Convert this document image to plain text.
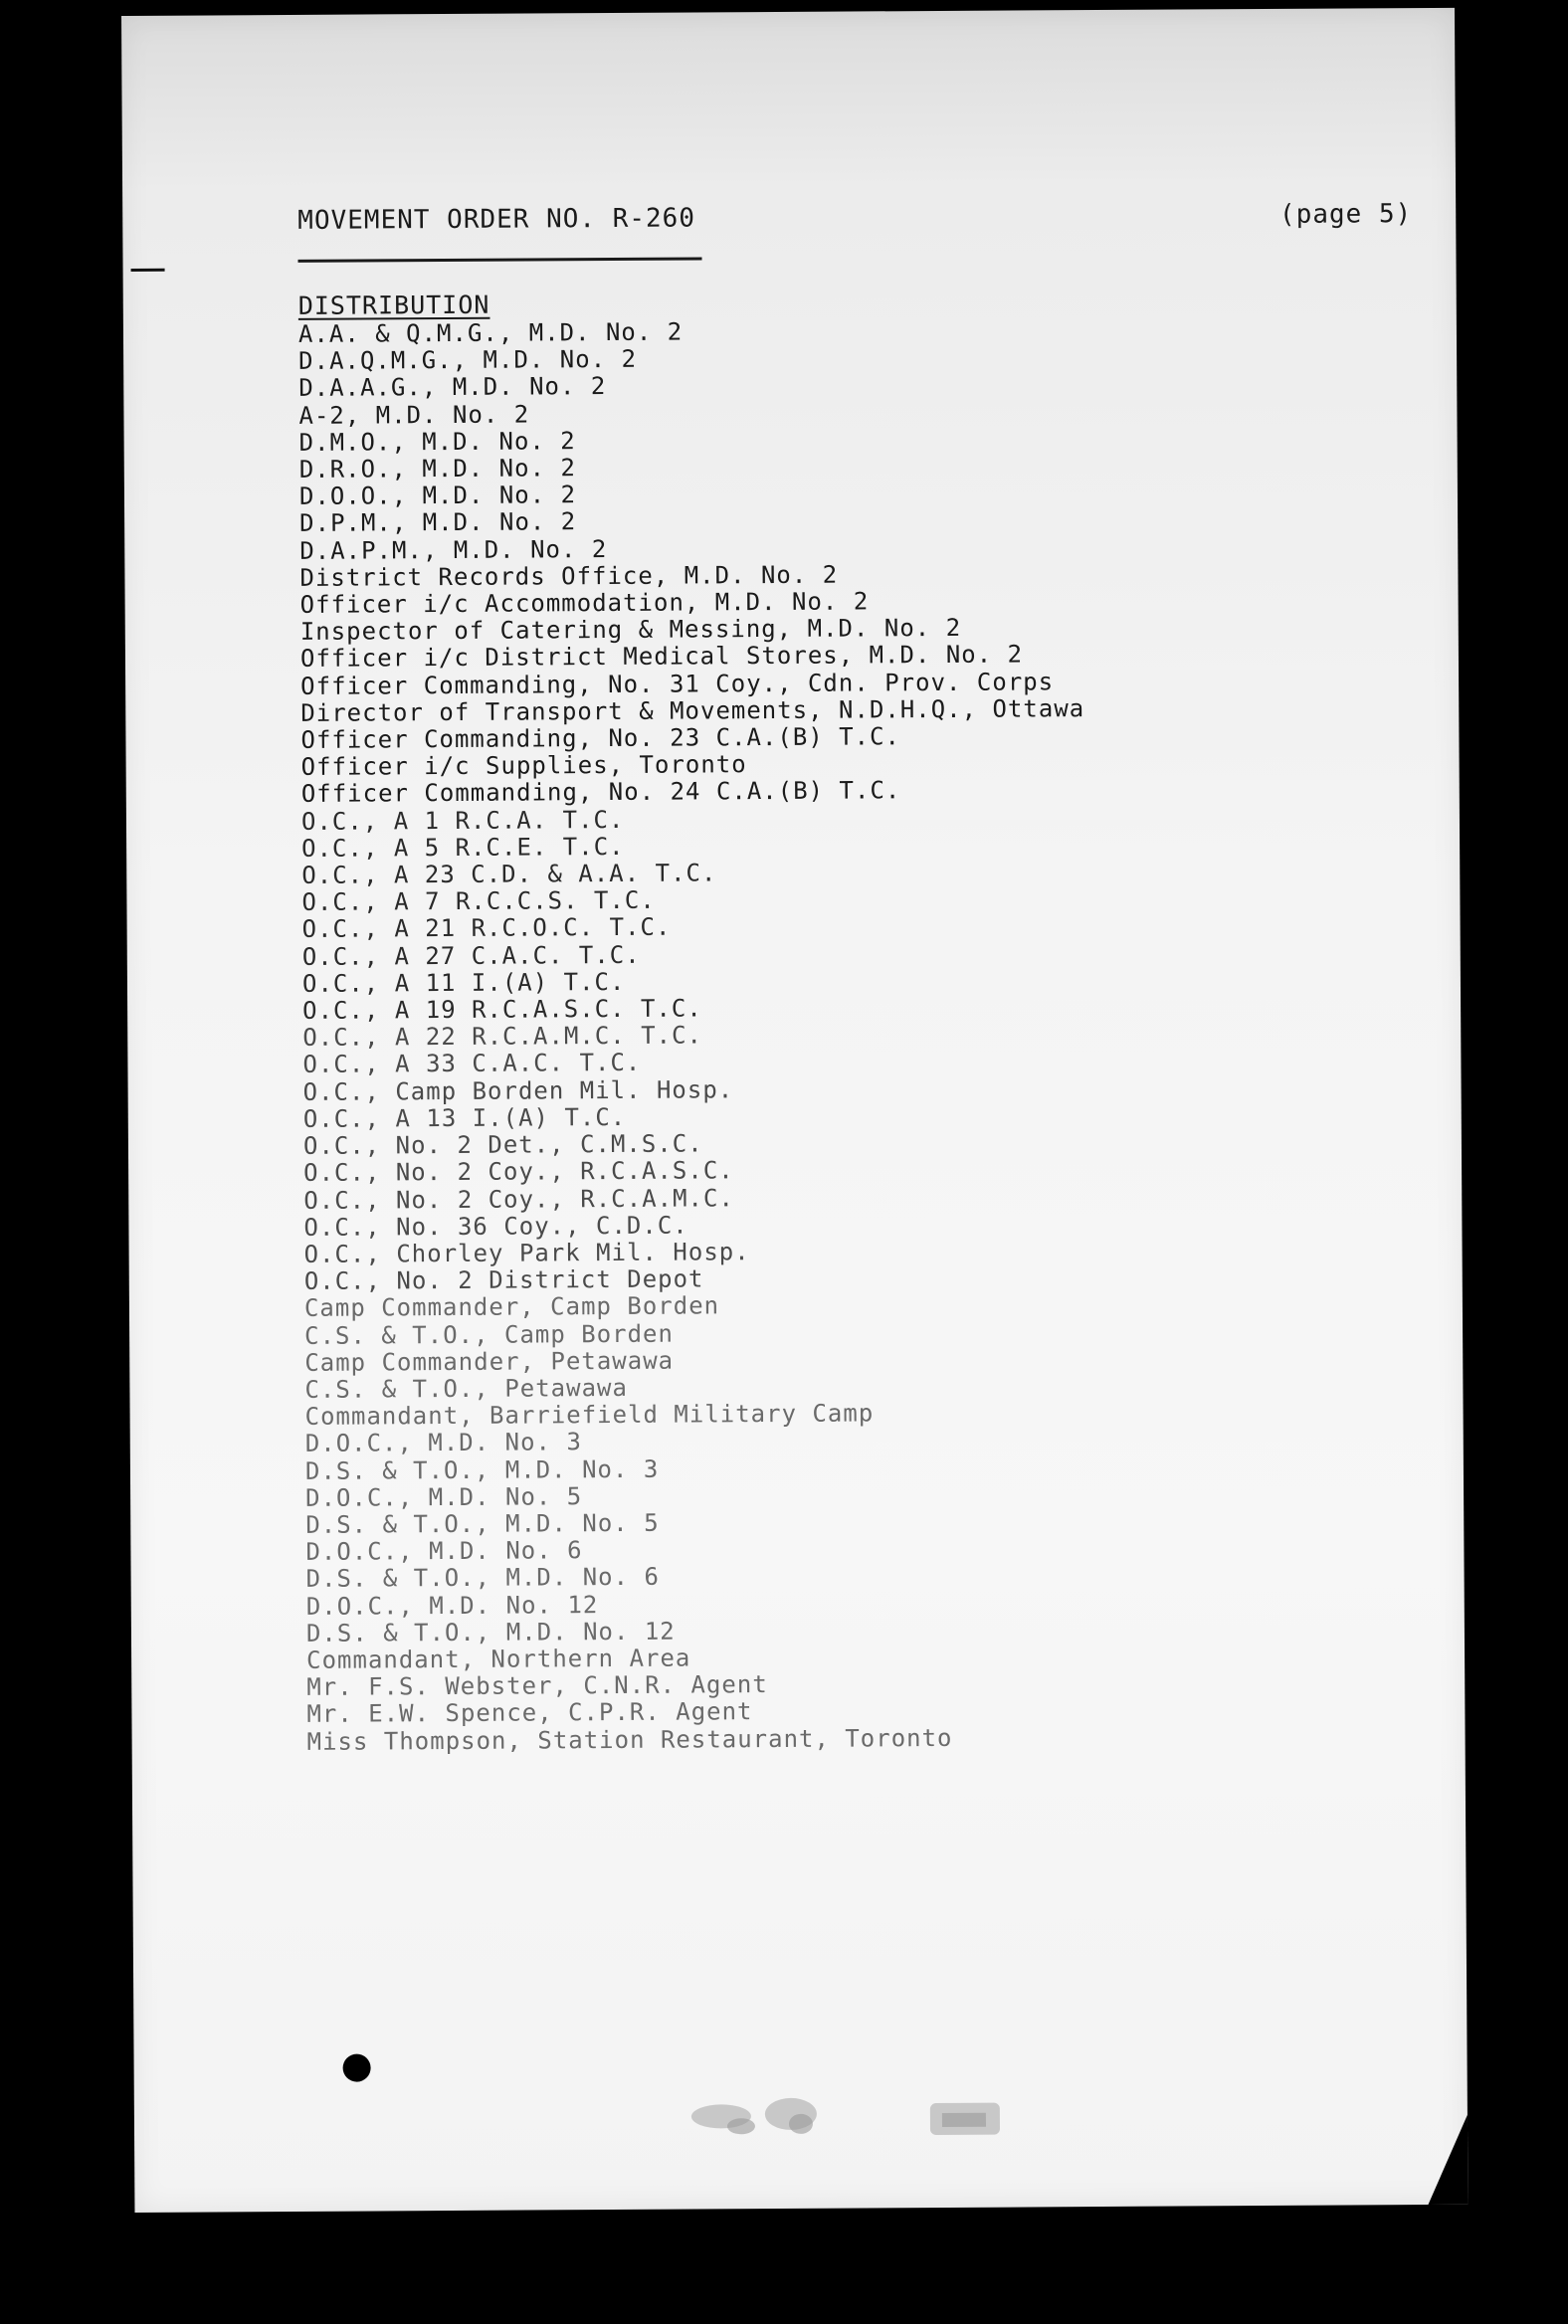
MOVEMENT ORDER NO. R-260	(page 5)
DISTRIBUTION
A.A. & Q.M.G., M.D. No. 2
D.A.Q.M.G., M.D. No. 2
D.A.A.G., M.D. No. 2
A-2, M.D. No. 2
D.M.O., M.D. No. 2
D.R.O., M.D. No. 2
D.O.O., M.D. No. 2
D.P.M., M.D. No. 2
D.A.P.M., M.D. No. 2
District Records Office, M.D. No. 2
Officer i/c Accommodation, M.D. No. 2
Inspector of Catering & Messing, M.D. No. 2
Officer i/c District Medical Stores, M.D. No. 2
Officer Commanding, No. 31 Coy., Cdn. Prov. Corps
Director of Transport & Movements, N.D.H.Q., Ottawa
Officer Commanding, No. 23 C.A.(B) T.C.
Officer i/c Supplies, Toronto
Officer Commanding, No. 24 C.A.(B) T.C.
O.C., A 1 R.C.A. T.C.
O.C., A 5 R.C.E. T.C.
O.C., A 23 C.D. & A.A. T.C.
O.C., A 7 R.C.C.S. T.C.
O.C., A 21 R.C.O.C. T.C.
O.C., A 27 C.A.C. T.C.
O.C., A 11 I.(A) T.C.
O.C., A 19 R.C.A.S.C. T.C.
O.C., A 22 R.C.A.M.C. T.C.
O.C., A 33 C.A.C. T.C.
O.C., Camp Borden Mil. Hosp.
O.C., A 13 I.(A) T.C.
O.C., No. 2 Det., C.M.S.C.
O.C., No. 2 Coy., R.C.A.S.C.
O.C., No. 2 Coy., R.C.A.M.C.
O.C., No. 36 Coy., C.D.C.
O.C., Chorley Park Mil. Hosp.
O.C., No. 2 District Depot
Camp Commander, Camp Borden
C.S. & T.O., Camp Borden
Camp Commander, Petawawa
C.S. & T.O., Petawawa
Commandant, Barriefield Military Camp
D.O.C., M.D. No. 3
D.S. & T.O., M.D. No. 3
D.O.C., M.D. No. 5
D.S. & T.O., M.D. No. 5
D.O.C., M.D. No. 6
D.S. & T.O., M.D. No. 6
D.O.C., M.D. No. 12
D.S. & T.O., M.D. No. 12
Commandant, Northern Area
Mr. F.S. Webster, C.N.R. Agent
Mr. E.W. Spence, C.P.R. Agent
Miss Thompson, Station Restaurant, Toronto
